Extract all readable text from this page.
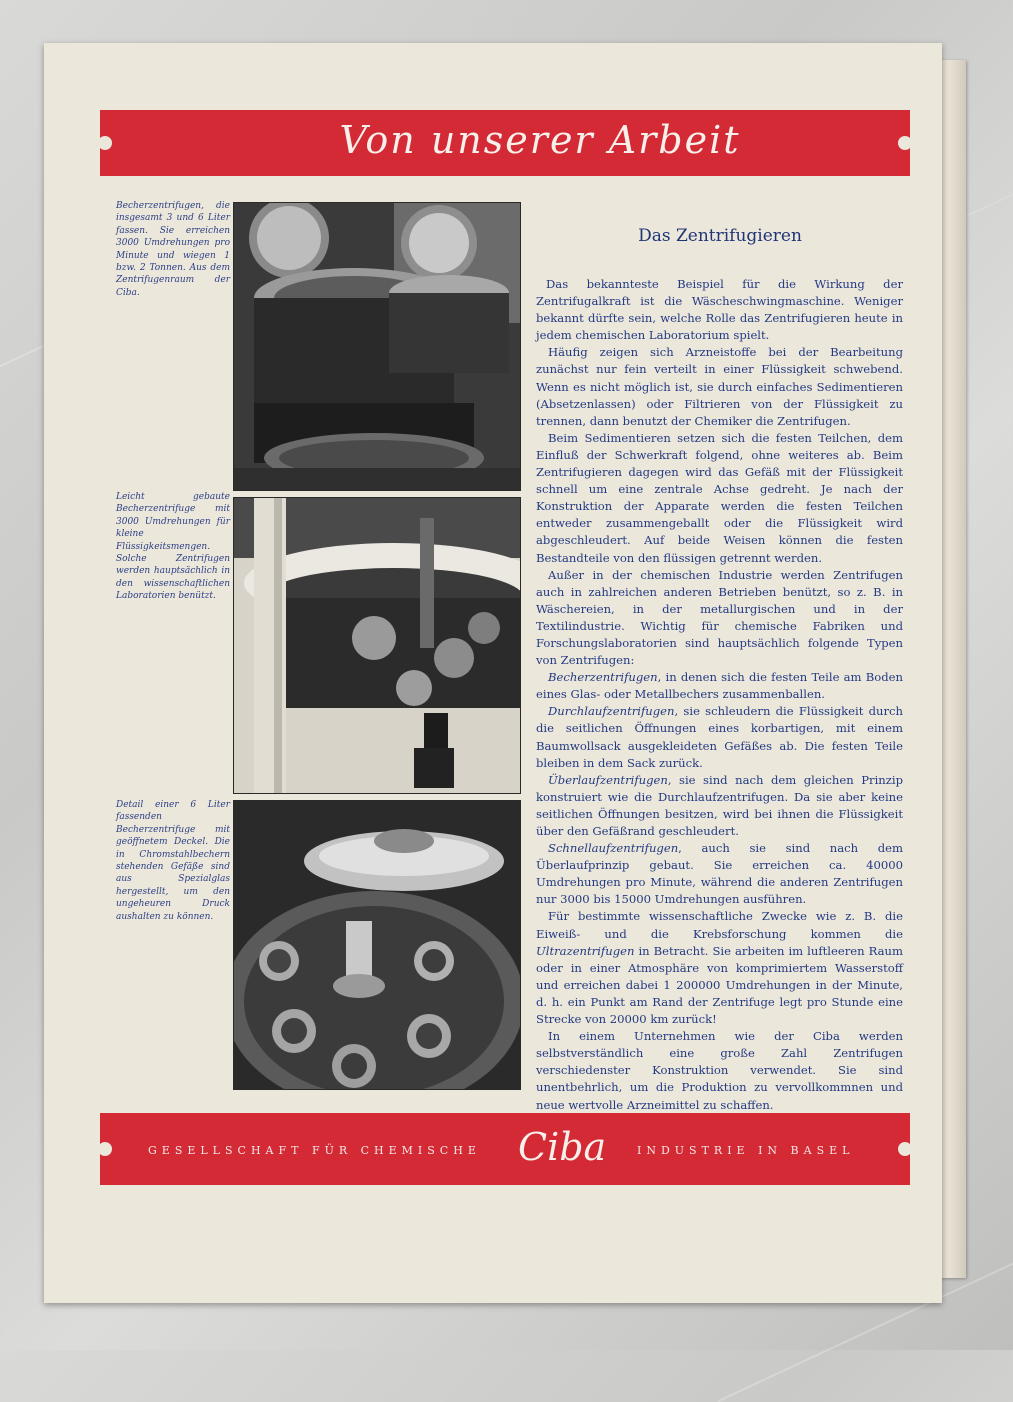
Von unserer Arbeit
Becherzentrifugen, die insgesamt 3 und 6 Liter fassen. Sie erreichen 3000 Umdrehungen pro Minute und wiegen 1 bzw. 2 Tonnen. Aus dem Zentrifugenraum der Ciba.
Leicht gebaute Becherzentrifuge mit 3000 Umdrehungen für kleine Flüssigkeitsmengen. Solche Zentrifugen werden hauptsächlich in den wissenschaftlichen Laboratorien benützt.
Detail einer 6 Liter fassenden Becherzentrifuge mit geöffnetem Deckel. Die in Chromstahlbechern stehenden Gefäße sind aus Spezialglas hergestellt, um den ungeheuren Druck aushalten zu können.
Das Zentrifugieren

Das bekannteste Beispiel für die Wirkung der Zentrifugalkraft ist die Wäscheschwingmaschine. Weniger bekannt dürfte sein, welche Rolle das Zentrifugieren heute in jedem chemischen Laboratorium spielt.

Häufig zeigen sich Arzneistoffe bei der Bearbeitung zunächst nur fein verteilt in einer Flüssigkeit schwebend. Wenn es nicht möglich ist, sie durch einfaches Sedimentieren (Absetzenlassen) oder Filtrieren von der Flüssigkeit zu trennen, dann benutzt der Chemiker die Zentrifugen.

Beim Sedimentieren setzen sich die festen Teilchen, dem Einfluß der Schwerkraft folgend, ohne weiteres ab. Beim Zentrifugieren dagegen wird das Gefäß mit der Flüssigkeit schnell um eine zentrale Achse gedreht. Je nach der Konstruktion der Apparate werden die festen Teilchen entweder zusammengeballt oder die Flüssigkeit wird abgeschleudert. Auf beide Weisen können die festen Bestandteile von den flüssigen getrennt werden.

Außer in der chemischen Industrie werden Zentrifugen auch in zahlreichen anderen Betrieben benützt, so z. B. in Wäschereien, in der metallurgischen und in der Textilindustrie. Wichtig für chemische Fabriken und Forschungslaboratorien sind hauptsächlich folgende Typen von Zentrifugen:

Becherzentrifugen, in denen sich die festen Teile am Boden eines Glas- oder Metallbechers zusammenballen.

Durchlaufzentrifugen, sie schleudern die Flüssigkeit durch die seitlichen Öffnungen eines korbartigen, mit einem Baumwollsack ausgekleideten Gefäßes ab. Die festen Teile bleiben in dem Sack zurück.

Überlaufzentrifugen, sie sind nach dem gleichen Prinzip konstruiert wie die Durchlaufzentrifugen. Da sie aber keine seitlichen Öffnungen besitzen, wird bei ihnen die Flüssigkeit über den Gefäßrand geschleudert.

Schnellaufzentrifugen, auch sie sind nach dem Überlaufprinzip gebaut. Sie erreichen ca. 40000 Umdrehungen pro Minute, während die anderen Zentrifugen nur 3000 bis 15000 Umdrehungen ausführen.

Für bestimmte wissenschaftliche Zwecke wie z. B. die Eiweiß- und die Krebsforschung kommen die Ultrazentrifugen in Betracht. Sie arbeiten im luftleeren Raum oder in einer Atmosphäre von komprimiertem Wasserstoff und erreichen dabei 1 200000 Umdrehungen in der Minute, d. h. ein Punkt am Rand der Zentrifuge legt pro Stunde eine Strecke von 20000 km zurück!

In einem Unternehmen wie der Ciba werden selbstverständlich eine große Zahl Zentrifugen verschiedenster Konstruktion verwendet. Sie sind unentbehrlich, um die Produktion zu vervollkommnen und neue wertvolle Arzneimittel zu schaffen.

GESELLSCHAFT FÜR CHEMISCHE Ciba	INDUSTRIE IN BASEL
